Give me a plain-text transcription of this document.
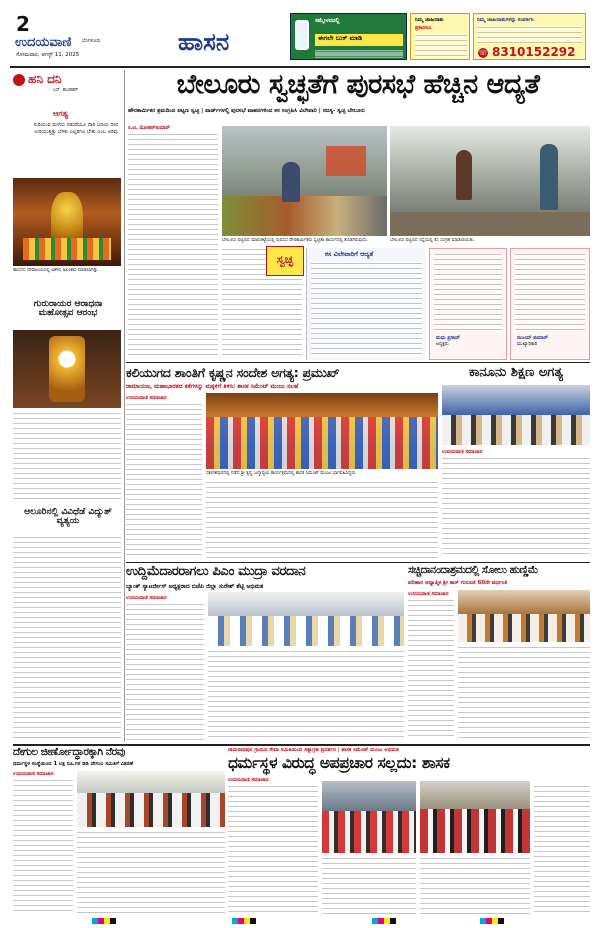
2
ಉದಯವಾಣಿ ಬೆಂಗಳೂರು
ಸೋಮವಾರ, ಆಗಸ್ಟ್ 11, 2025	ಹಾಸನ
ಸಮ್ಮೇಳನದಲ್ಲಿ
ಈಗಲೇ ಬುಕ್ ಮಾಡಿ
ನಿಮ್ಮ ಜಾಹೀರಾತು
ಪ್ರಕಟಿಸಲು
ನಿಮ್ಮ ಜಾಹೀರಾತುಗಳನ್ನು ಸಂಪರ್ಕಿಸಿ
☏ 8310152292
ಹನಿ ದನಿ
ಎಸ್. ಹುಂಡಿಕರ್
ಆಗತ್ಯ
ಸುರಿಯುವ ಮಳೆಯ ನಡುವೆಯೂ ದಾರಿ ಬದಿಯ ದೀಪ ಉರಿಯುತ್ತಿತ್ತು ಬೆಳಕು ಎಲ್ಲರಿಗೂ ಬೇಕು ಎಂಬ ಅರಿವು
ಹಾಸನದ ದೇವಾಲಯದಲ್ಲಿ ವಿಶೇಷ ಅಲಂಕಾರ ಮಾಡಲಾಗಿತ್ತು.
ಗುರುರಾಯರ ಆರಾಧನಾ ಮಹೋತ್ಸವ ಆರಂಭ
ಆಲೂರಿನಲ್ಲಿ ವಿವಿಧೆಡೆ ವಿದ್ಯುತ್ ವ್ಯತ್ಯಯ
ಬೇಲೂರು ಸ್ವಚ್ಛತೆಗೆ ಪುರಸಭೆ ಹೆಚ್ಚಿನ ಆದ್ಯತೆ
ಹೌರಕಾರ್ಮಿಕರ ಶ್ರಮದಿಂದ ಪಟ್ಟಣ ಸ್ವಚ್ಛ | ವಾರ್ಡ್‌ಗಳಲ್ಲಿ ಪುರಸಭೆ ವಾಹನಗಳಿಂದ ಕಸ ಸಂಗ್ರಹಿಸಿ ವಿಲೇವಾರಿ | ಸದಸ್ಯ- ಸ್ವಚ್ಛ ಬೇಲೂರು
ಸಿ.ಟಿ. ಮೋಹನ್‌ಕುಮಾರ್
ಬೇಲೂರು ಪಟ್ಟಣದ ಮಾರುಕಟ್ಟೆಯಲ್ಲಿ ಪುರಸಭೆ ಪೌರಕಾರ್ಮಿಕರು ಸ್ವಚ್ಛತಾ ಕಾರ್ಯದಲ್ಲಿ ತೊಡಗಿರುವುದು.	ಬೇಲೂರು ಪಟ್ಟಣದ ರಸ್ತೆಯಲ್ಲಿ ಕಸ ಸಂಗ್ರಹ ಮಾಡಲಾಯಿತು.
ಸ್ವಚ್ಛ	ಕಸ ವಿಲೇವಾರಿಗೆ ಆದ್ಯತೆ
ಮಧು ಪ್ರಸಾದ್
ಅಧ್ಯಕ್ಷರು
ಸುಜಯ್ ಕುಮಾರ್
ಮುಖ್ಯಾಧಿಕಾರಿ
ಕಲಿಯುಗದ ಶಾಂತಿಗೆ ಕೃಷ್ಣನ ಸಂದೇಶ ಅಗತ್ಯ: ಪ್ರಮುಖ್
ರಾಮಾಯಣ, ಮಹಾಭಾರತದ ಕತೆಗಳನ್ನು ಮಕ್ಕಳಿಗೆ ತಿಳಿಸಿ: ಶಾಸಕ ಸಿಮೆಂಟ್ ಮಂಜು ಸಲಹೆ
ಉದಯವಾಣಿ ಸಮಾಚಾರ
ಸಕಲೇಶಪುರದಲ್ಲಿ ನಡೆದ ಶ್ರೀ ಕೃಷ್ಣ ಜನ್ಮಾಷ್ಟಮಿ ಕಾರ್ಯಕ್ರಮದಲ್ಲಿ ಶಾಸಕ ಸಿಮೆಂಟ್ ಮಂಜು ಭಾಗವಹಿಸಿದ್ದರು.
ಕಾನೂನು ಶಿಕ್ಷಣ ಅಗತ್ಯ
ಉದಯವಾಣಿ ಸಮಾಚಾರ
ಉದ್ದಿಮೆದಾರರಾಗಲು ಪಿಎಂ ಮುದ್ರಾ ವರದಾನ
ಬ್ಯಾಂಕ್ ಸ್ಯಾಟರ್ಜೀಸ್ ಅಧ್ಯಕ್ಷರಾದ ಬಿಜೆಪಿ ಜಿಲ್ಲಾ ಸುರೇಶ್ ಶೆಟ್ಟಿ ಅಭಿಮತ
ಉದಯವಾಣಿ ಸಮಾಚಾರ
ಸಚ್ಚಿದಾನಂದಾಶ್ರಮದಲ್ಲಿ ಸೋಲು ಹುಣ್ಣಿಮೆ
ಪರಿಹಾರ ಆಧ್ಯಾತ್ಮಿಕ ಶ್ರೀ ಕಾರ್ ಗುರೂಜಿ 60ನೇ ವರ್ಧಂತಿ
ಉದಯವಾಣಿ ಸಮಾಚಾರ
ದೇಗುಲ ಜೀರ್ಣೋದ್ಧಾರಕ್ಕಾಗಿ ನೆರವು
ಧರ್ಮಸ್ಥಳ ಸಂಸ್ಥೆಯಿಂದ 1 ಲಕ್ಷ ರೂ.ಗಳ ಡಿಡಿ ದೇಗುಲ ಸಮಿತಿಗೆ ವಿತರಣೆ
ಉದಯವಾಣಿ ಸಮಾಚಾರ
ರಾಮನಾಥಪುರ ಗ್ರಾಮದ ಸೇವಾ ಸಮಿತಿಯಿಂದ ಸತ್ಯಾಗ್ರಹ ಪ್ರದರ್ಶನ | ಶಾಸಕ ಸಿಮೆಂಟ್ ಮಂಜು ಅಭಿಮತ
ಧರ್ಮಸ್ಥಳ ವಿರುದ್ಧ ಅಪಪ್ರಚಾರ ಸಲ್ಲದು: ಶಾಸಕ
ಉದಯವಾಣಿ ಸಮಾಚಾರ
